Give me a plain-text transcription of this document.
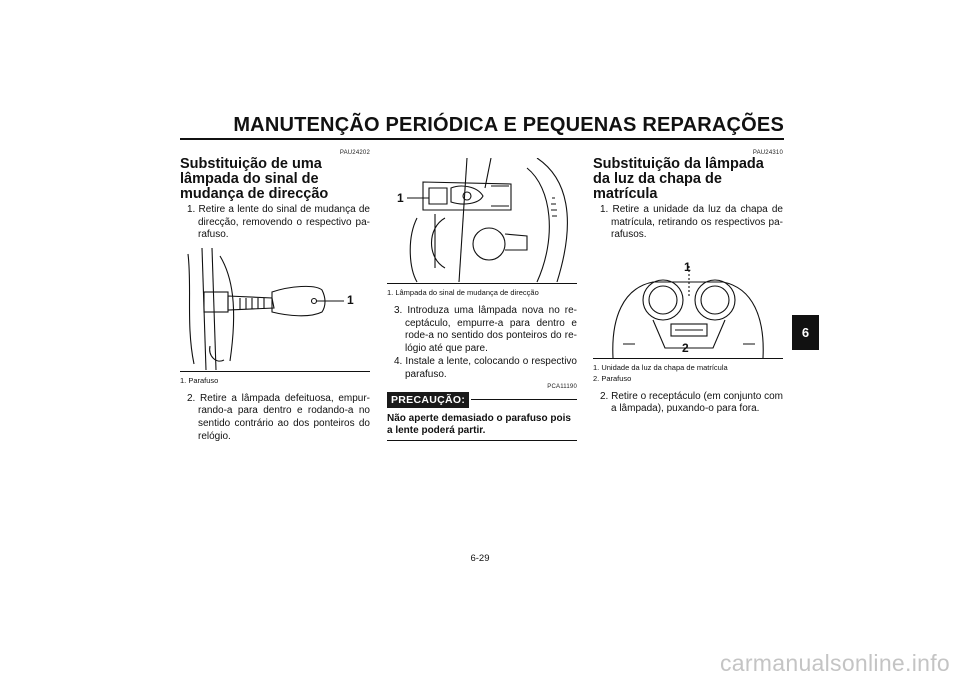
MANUTENÇÃO PERIÓDICA E PEQUENAS REPARAÇÕES
PAU24202
Substituição de uma lâmpada do sinal de mudança de direcção
1. Retire a lente do sinal de mudança de direcção, removendo o respectivo pa-rafuso.
1
1. Parafuso
2. Retire a lâmpada defeituosa, empur-rando-a para dentro e rodando-a no sentido contrário ao dos ponteiros do relógio.
1
1. Lâmpada do sinal de mudança de direcção
3. Introduza uma lâmpada nova no re-ceptáculo, empurre-a para dentro e rode-a no sentido dos ponteiros do re-lógio até que pare.
4. Instale a lente, colocando o respectivo parafuso.
PCA11190
PRECAUÇÃO:
Não aperte demasiado o parafuso pois a lente poderá partir.
PAU24310
Substituição da lâmpada da luz da chapa de matrícula
1. Retire a unidade da luz da chapa de matrícula, retirando os respectivos pa-rafusos.
1
2
1. Unidade da luz da chapa de matrícula
2. Parafuso
2. Retire o receptáculo (em conjunto com a lâmpada), puxando-o para fora.
6
6-29
carmanualsonline.info
